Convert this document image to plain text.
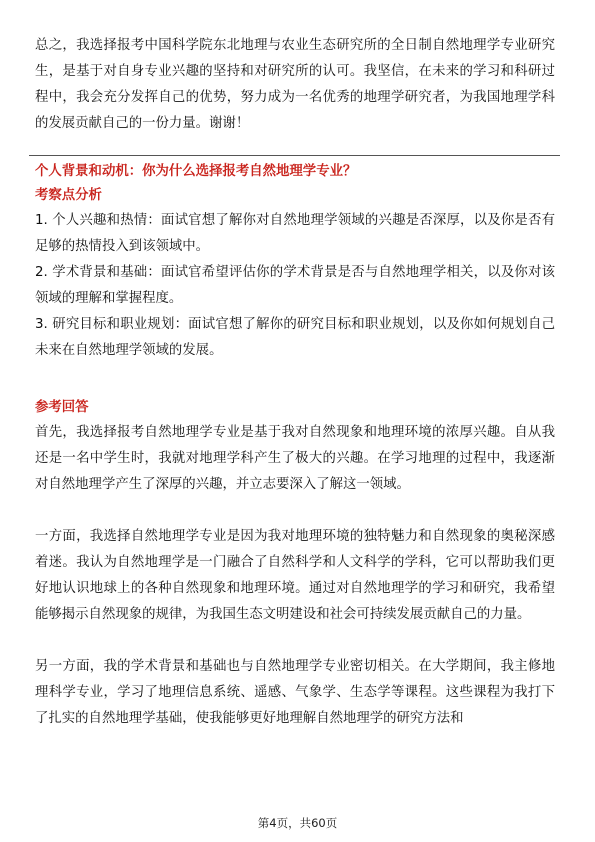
总之，我选择报考中国科学院东北地理与农业生态研究所的全日制自然地理学专业研究生，是基于对自身专业兴趣的坚持和对研究所的认可。我坚信，在未来的学习和科研过程中，我会充分发挥自己的优势，努力成为一名优秀的地理学研究者，为我国地理学科的发展贡献自己的一份力量。谢谢！

个人背景和动机：你为什么选择报考自然地理学专业？

考察点分析

1. 个人兴趣和热情：面试官想了解你对自然地理学领域的兴趣是否深厚，以及你是否有足够的热情投入到该领域中。

2. 学术背景和基础：面试官希望评估你的学术背景是否与自然地理学相关，以及你对该领域的理解和掌握程度。

3. 研究目标和职业规划：面试官想了解你的研究目标和职业规划，以及你如何规划自己未来在自然地理学领域的发展。

参考回答

首先，我选择报考自然地理学专业是基于我对自然现象和地理环境的浓厚兴趣。自从我还是一名中学生时，我就对地理学科产生了极大的兴趣。在学习地理的过程中，我逐渐对自然地理学产生了深厚的兴趣，并立志要深入了解这一领域。

一方面，我选择自然地理学专业是因为我对地理环境的独特魅力和自然现象的奥秘深感着迷。我认为自然地理学是一门融合了自然科学和人文科学的学科，它可以帮助我们更好地认识地球上的各种自然现象和地理环境。通过对自然地理学的学习和研究，我希望能够揭示自然现象的规律，为我国生态文明建设和社会可持续发展贡献自己的力量。

另一方面，我的学术背景和基础也与自然地理学专业密切相关。在大学期间，我主修地理科学专业，学习了地理信息系统、遥感、气象学、生态学等课程。这些课程为我打下了扎实的自然地理学基础，使我能够更好地理解自然地理学的研究方法和

第4页，共60页
